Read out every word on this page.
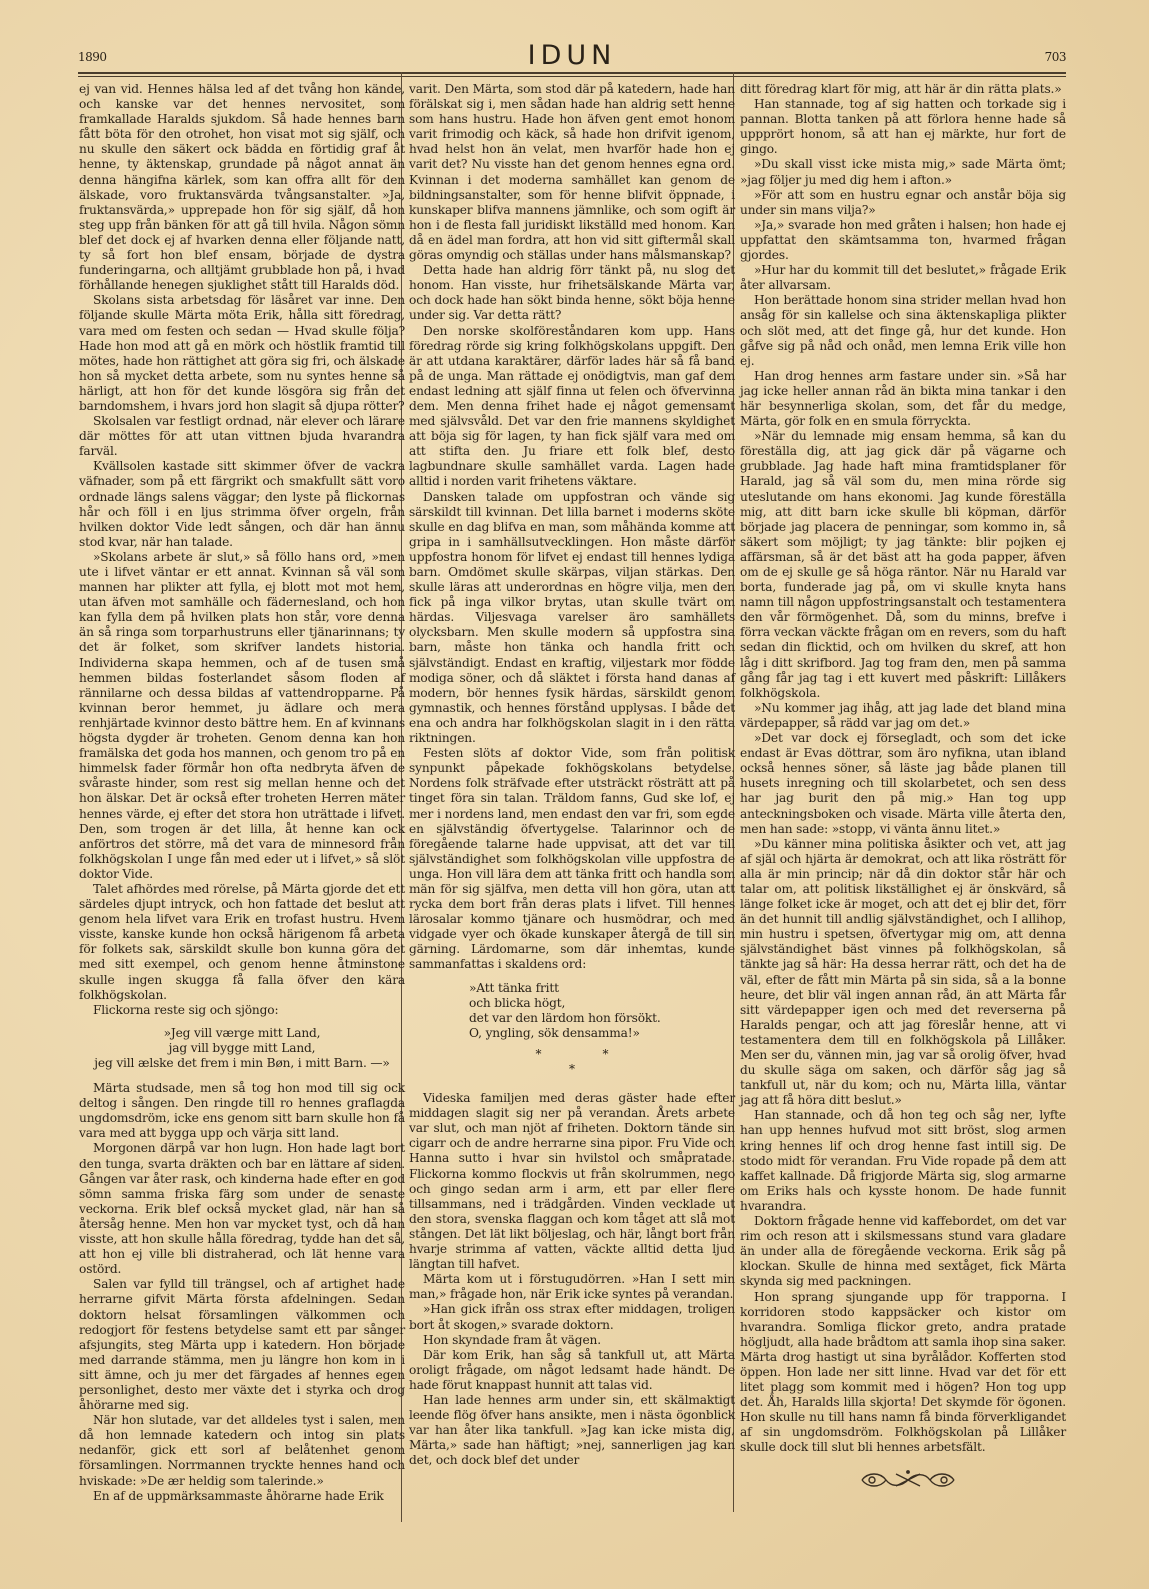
1890	IDUN	703

ej van vid. Hennes hälsa led af det tvång hon kände, och kanske var det hennes nervositet, som framkallade Haralds sjukdom. Så hade hennes barn fått böta för den otrohet, hon visat mot sig själf, och nu skulle den säkert ock bädda en förtidig graf åt henne, ty äktenskap, grundade på något annat än denna hängifna kärlek, som kan offra allt för den älskade, voro fruktansvärda tvångsanstalter. »Ja, fruktansvärda,» upprepade hon för sig själf, då hon steg upp från bänken för att gå till hvila. Någon sömn blef det dock ej af hvarken denna eller följande natt, ty så fort hon blef ensam, började de dystra funderingarna, och alltjämt grubblade hon på, i hvad förhållande henegen sjuklighet stått till Haralds död.

Skolans sista arbetsdag för läsåret var inne. Den följande skulle Märta möta Erik, hålla sitt föredrag, vara med om festen och sedan — Hvad skulle följa? Hade hon mod att gå en mörk och höstlik framtid till mötes, hade hon rättighet att göra sig fri, och älskade hon så mycket detta arbete, som nu syntes henne så härligt, att hon för det kunde lösgöra sig från det barndomshem, i hvars jord hon slagit så djupa rötter?

Skolsalen var festligt ordnad, när elever och lärare där möttes för att utan vittnen bjuda hvarandra farväl.

Kvällsolen kastade sitt skimmer öfver de vackra väfnader, som på ett färgrikt och smakfullt sätt voro ordnade längs salens väggar; den lyste på flickornas hår och föll i en ljus strimma öfver orgeln, från hvilken doktor Vide ledt sången, och där han ännu stod kvar, när han talade.

»Skolans arbete är slut,» så föllo hans ord, »men ute i lifvet väntar er ett annat. Kvinnan så väl som mannen har plikter att fylla, ej blott mot mot hem, utan äfven mot samhälle och fädernesland, och hon kan fylla dem på hvilken plats hon står, vore denna än så ringa som torparhustruns eller tjänarinnans; ty det är folket, som skrifver landets historia. Individerna skapa hemmen, och af de tusen små hemmen bildas fosterlandet såsom floden af rännilarne och dessa bildas af vattendropparne. På kvinnan beror hemmet, ju ädlare och mera renhjärtade kvinnor desto bättre hem. En af kvinnans högsta dygder är troheten. Genom denna kan hon framälska det goda hos mannen, och genom tro på en himmelsk fader förmår hon ofta nedbryta äfven de svåraste hinder, som rest sig mellan henne och det hon älskar. Det är också efter troheten Herren mäter hennes värde, ej efter det stora hon uträttade i lifvet. Den, som trogen är det lilla, åt henne kan ock anförtros det större, må det vara de minnesord från folkhögskolan I unge fån med eder ut i lifvet,» så slöt doktor Vide.

Talet afhördes med rörelse, på Märta gjorde det ett särdeles djupt intryck, och hon fattade det beslut att genom hela lifvet vara Erik en trofast hustru. Hvem visste, kanske kunde hon också härigenom få arbeta för folkets sak, särskildt skulle bon kunna göra det med sitt exempel, och genom henne åtminstone skulle ingen skugga få falla öfver den kära folkhögskolan.

Flickorna reste sig och sjöngo:

»Jeg vill værge mitt Land,
jag vill bygge mitt Land,
jeg vill ælske det frem i min Bøn, i mitt Barn. —»

Märta studsade, men så tog hon mod till sig ock deltog i sången. Den ringde till ro hennes graflagda ungdomsdröm, icke ens genom sitt barn skulle hon få vara med att bygga upp och värja sitt land.

Morgonen därpå var hon lugn. Hon hade lagt bort den tunga, svarta dräkten och bar en lättare af siden. Gången var åter rask, och kinderna hade efter en god sömn samma friska färg som under de senaste veckorna. Erik blef också mycket glad, när han så återsåg henne. Men hon var mycket tyst, och då han visste, att hon skulle hålla föredrag, tydde han det så, att hon ej ville bli distraherad, och lät henne vara ostörd.

Salen var fylld till trängsel, och af artighet hade herrarne gifvit Märta första afdelningen. Sedan doktorn helsat församlingen välkommen och redogjort för festens betydelse samt ett par sånger afsjungits, steg Märta upp i katedern. Hon började med darrande stämma, men ju längre hon kom in i sitt ämne, och ju mer det färgades af hennes egen personlighet, desto mer växte det i styrka och drog åhörarne med sig.

När hon slutade, var det alldeles tyst i salen, men då hon lemnade katedern och intog sin plats nedanför, gick ett sorl af belåtenhet genom församlingen. Norrmannen tryckte hennes hand och hviskade: »De ær heldig som talerinde.»

En af de uppmärksammaste åhörarne hade Erik

varit. Den Märta, som stod där på katedern, hade han förälskat sig i, men sådan hade han aldrig sett henne som hans hustru. Hade hon äfven gent emot honom varit frimodig och käck, så hade hon drifvit igenom, hvad helst hon än velat, men hvarför hade hon ej varit det? Nu visste han det genom hennes egna ord. Kvinnan i det moderna samhället kan genom de bildningsanstalter, som för henne blifvit öppnade, i kunskaper blifva mannens jämnlike, och som ogift är hon i de flesta fall juridiskt likställd med honom. Kan då en ädel man fordra, att hon vid sitt giftermål skall göras omyndig och ställas under hans målsmanskap?

Detta hade han aldrig förr tänkt på, nu slog det honom. Han visste, hur frihetsälskande Märta var, och dock hade han sökt binda henne, sökt böja henne under sig. Var detta rätt?

Den norske skolföreståndaren kom upp. Hans föredrag rörde sig kring folkhögskolans uppgift. Den är att utdana karaktärer, därför lades här så få band på de unga. Man rättade ej onödigtvis, man gaf dem endast ledning att själf finna ut felen och öfvervinna dem. Men denna frihet hade ej något gemensamt med självsvåld. Det var den frie mannens skyldighet att böja sig för lagen, ty han fick själf vara med om att stifta den. Ju friare ett folk blef, desto lagbundnare skulle samhället varda. Lagen hade alltid i norden varit frihetens väktare.

Dansken talade om uppfostran och vände sig särskildt till kvinnan. Det lilla barnet i moderns sköte skulle en dag blifva en man, som måhända komme att gripa in i samhällsutvecklingen. Hon måste därför uppfostra honom för lifvet ej endast till hennes lydiga barn. Omdömet skulle skärpas, viljan stärkas. Den skulle läras att underordnas en högre vilja, men den fick på inga vilkor brytas, utan skulle tvärt om härdas. Viljesvaga varelser äro samhällets olycksbarn. Men skulle modern så uppfostra sina barn, måste hon tänka och handla fritt och självständigt. Endast en kraftig, viljestark mor födde modiga söner, och då släktet i första hand danas af modern, bör hennes fysik härdas, särskildt genom gymnastik, och hennes förstånd upplysas. I både det ena och andra har folkhögskolan slagit in i den rätta riktningen.

Festen slöts af doktor Vide, som från politisk synpunkt påpekade fokhögskolans betydelse. Nordens folk sträfvade efter utsträckt rösträtt att på tinget föra sin talan. Träldom fanns, Gud ske lof, ej mer i nordens land, men endast den var fri, som egde en självständig öfvertygelse. Talarinnor och de föregående talarne hade uppvisat, att det var till självständighet som folkhögskolan ville uppfostra de unga. Hon vill lära dem att tänka fritt och handla som män för sig själfva, men detta vill hon göra, utan att rycka dem bort från deras plats i lifvet. Till hennes lärosalar kommo tjänare och husmödrar, och med vidgade vyer och ökade kunskaper återgå de till sin gärning. Lärdomarne, som där inhemtas, kunde sammanfattas i skaldens ord:

»Att tänka fritt
och blicka högt,
det var den lärdom hon försökt.
O, yngling, sök densamma!»
*                *
*

Videska familjen med deras gäster hade efter middagen slagit sig ner på verandan. Årets arbete var slut, och man njöt af friheten. Doktorn tände sin cigarr och de andre herrarne sina pipor. Fru Vide och Hanna sutto i hvar sin hvilstol och småpratade. Flickorna kommo flockvis ut från skolrummen, nego och gingo sedan arm i arm, ett par eller flere tillsammans, ned i trädgården. Vinden vecklade ut den stora, svenska flaggan och kom tåget att slå mot stången. Det lät likt böljeslag, och här, långt bort från hvarje strimma af vatten, väckte alltid detta ljud längtan till hafvet.

Märta kom ut i förstugudörren. »Han I sett min man,» frågade hon, när Erik icke syntes på verandan.

»Han gick ifrån oss strax efter middagen, troligen bort åt skogen,» svarade doktorn.

Hon skyndade fram åt vägen.

Där kom Erik, han såg så tankfull ut, att Märta oroligt frågade, om något ledsamt hade händt. De hade förut knappast hunnit att talas vid.

Han lade hennes arm under sin, ett skälmaktigt leende flög öfver hans ansikte, men i nästa ögonblick var han åter lika tankfull. »Jag kan icke mista dig, Märta,» sade han häftigt; »nej, sannerligen jag kan det, och dock blef det under

ditt föredrag klart för mig, att här är din rätta plats.»

Han stannade, tog af sig hatten och torkade sig i pannan. Blotta tanken på att förlora henne hade så uppprört honom, så att han ej märkte, hur fort de gingo.

»Du skall visst icke mista mig,» sade Märta ömt; »jag följer ju med dig hem i afton.»

»För att som en hustru egnar och anstår böja sig under sin mans vilja?»

»Ja,» svarade hon med gråten i halsen; hon hade ej uppfattat den skämtsamma ton, hvarmed frågan gjordes.

»Hur har du kommit till det beslutet,» frågade Erik åter allvarsam.

Hon berättade honom sina strider mellan hvad hon ansåg för sin kallelse och sina äktenskapliga plikter och slöt med, att det finge gå, hur det kunde. Hon gåfve sig på nåd och onåd, men lemna Erik ville hon ej.

Han drog hennes arm fastare under sin. »Så har jag icke heller annan råd än bikta mina tankar i den här besynnerliga skolan, som, det får du medge, Märta, gör folk en en smula förryckta.

»När du lemnade mig ensam hemma, så kan du föreställa dig, att jag gick där på vägarne och grubblade. Jag hade haft mina framtidsplaner för Harald, jag så väl som du, men mina rörde sig uteslutande om hans ekonomi. Jag kunde föreställa mig, att ditt barn icke skulle bli köpman, därför började jag placera de penningar, som kommo in, så säkert som möjligt; ty jag tänkte: blir pojken ej affärsman, så är det bäst att ha goda papper, äfven om de ej skulle ge så höga räntor. När nu Harald var borta, funderade jag på, om vi skulle knyta hans namn till någon uppfostringsanstalt och testamentera den vår förmögenhet. Då, som du minns, brefve i förra veckan väckte frågan om en revers, som du haft sedan din flicktid, och om hvilken du skref, att hon låg i ditt skrifbord. Jag tog fram den, men på samma gång får jag tag i ett kuvert med påskrift: Lillåkers folkhögskola.

»Nu kommer jag ihåg, att jag lade det bland mina värdepapper, så rädd var jag om det.»

»Det var dock ej försegladt, och som det icke endast är Evas döttrar, som äro nyfikna, utan ibland också hennes söner, så läste jag både planen till husets inregning och till skolarbetet, och sen dess har jag burit den på mig.» Han tog upp anteckningsboken och visade. Märta ville återta den, men han sade: »stopp, vi vänta ännu litet.»

»Du känner mina politiska åsikter och vet, att jag af själ och hjärta är demokrat, och att lika rösträtt för alla är min princip; när då din doktor står här och talar om, att politisk likställighet ej är önskvärd, så länge folket icke är moget, och att det ej blir det, förr än det hunnit till andlig självständighet, och I allihop, min hustru i spetsen, öfvertygar mig om, att denna självständighet bäst vinnes på folkhögskolan, så tänkte jag så här: Ha dessa herrar rätt, och det ha de väl, efter de fått min Märta på sin sida, så a la bonne heure, det blir väl ingen annan råd, än att Märta får sitt värdepapper igen och med det reverserna på Haralds pengar, och att jag föreslår henne, att vi testamentera dem till en folkhögskola på Lillåker. Men ser du, vännen min, jag var så orolig öfver, hvad du skulle säga om saken, och därför såg jag så tankfull ut, när du kom; och nu, Märta lilla, väntar jag att få höra ditt beslut.»

Han stannade, och då hon teg och såg ner, lyfte han upp hennes hufvud mot sitt bröst, slog armen kring hennes lif och drog henne fast intill sig. De stodo midt för verandan. Fru Vide ropade på dem att kaffet kallnade. Då frigjorde Märta sig, slog armarne om Eriks hals och kysste honom. De hade funnit hvarandra.

Doktorn frågade henne vid kaffebordet, om det var rim och reson att i skilsmessans stund vara gladare än under alla de föregående veckorna. Erik såg på klockan. Skulle de hinna med sextåget, fick Märta skynda sig med packningen.

Hon sprang sjungande upp för trapporna. I korridoren stodo kappsäcker och kistor om hvarandra. Somliga flickor greto, andra pratade högljudt, alla hade brådtom att samla ihop sina saker. Märta drog hastigt ut sina byrålådor. Kofferten stod öppen. Hon lade ner sitt linne. Hvad var det för ett litet plagg som kommit med i högen? Hon tog upp det. Åh, Haralds lilla skjorta! Det skymde för ögonen. Hon skulle nu till hans namn få binda förverkligandet af sin ungdomsdröm. Folkhögskolan på Lillåker skulle dock till slut bli hennes arbetsfält.
